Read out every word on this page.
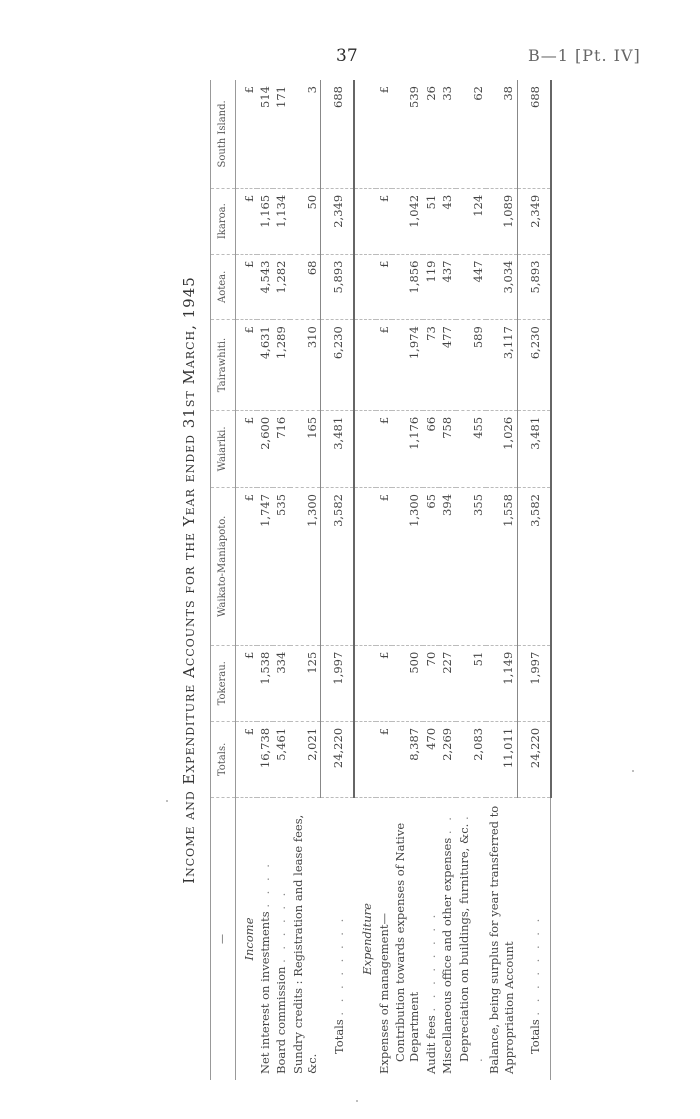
37	B—1 [Pt. IV]
Income and Expenditure Accounts for the Year ended 31st March, 1945
—	Totals.	Tokerau.	Waikato-Maniapoto.	Waiariki.	Tairawhiti.	Aotea.	Ikaroa.	South Island.
Income	£	£	£	£	£	£	£	£
Net interest on investments . . . .	16,738	1,538	1,747	2,600	4,631	4,543	1,165	514
Board commission . . . . . .	5,461	334	535	716	1,289	1,282	1,134	171
Sundry credits : Registration and lease fees, &c.	2,021	125	1,300	165	310	68	50	3
Totals . . . . . . . .	24,220	1,997	3,582	3,481	6,230	5,893	2,349	688
Expenditure								
Expenses of management—	£	£	£	£	£	£	£	£
Contribution towards expenses of Native Department	8,387	500	1,300	1,176	1,974	1,856	1,042	539
Audit fees . . . . . . . .	470	70	65	66	73	119	51	26
Miscellaneous office and other expenses . .	2,269	227	394	758	477	437	43	33
Depreciation on buildings, furniture, &c. . .	2,083	51	355	455	589	447	124	62
Balance, being surplus for year transferred to Appropriation Account	11,011	1,149	1,558	1,026	3,117	3,034	1,089	38
Totals . . . . . . . .	24,220	1,997	3,582	3,481	6,230	5,893	2,349	688
